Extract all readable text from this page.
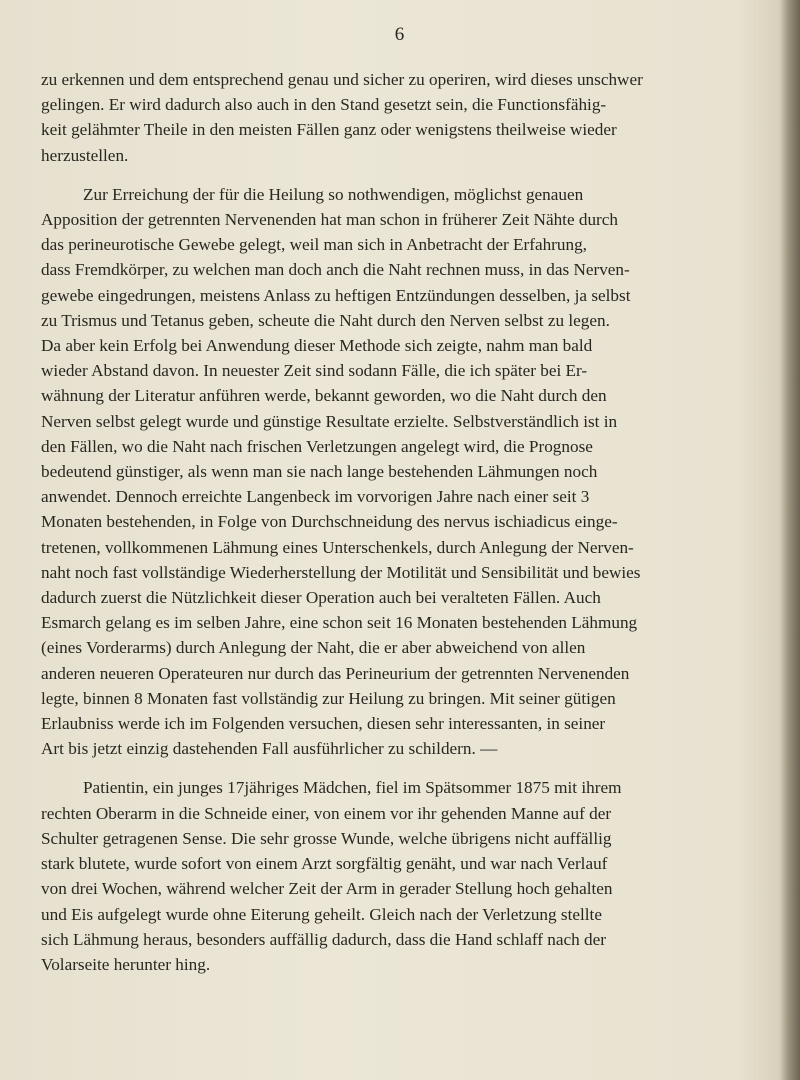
6

zu erkennen und dem entsprechend genau und sicher zu operiren, wird dieses unschwer
gelingen. Er wird dadurch also auch in den Stand gesetzt sein, die Functionsfähig-
keit gelähmter Theile in den meisten Fällen ganz oder wenigstens theilweise wieder
herzustellen.

Zur Erreichung der für die Heilung so nothwendigen, möglichst genauen
Apposition der getrennten Nervenenden hat man schon in früherer Zeit Nähte durch
das perineurotische Gewebe gelegt, weil man sich in Anbetracht der Erfahrung,
dass Fremdkörper, zu welchen man doch anch die Naht rechnen muss, in das Nerven-
gewebe eingedrungen, meistens Anlass zu heftigen Entzündungen desselben, ja selbst
zu Trismus und Tetanus geben, scheute die Naht durch den Nerven selbst zu legen.
Da aber kein Erfolg bei Anwendung dieser Methode sich zeigte, nahm man bald
wieder Abstand davon. In neuester Zeit sind sodann Fälle, die ich später bei Er-
wähnung der Literatur anführen werde, bekannt geworden, wo die Naht durch den
Nerven selbst gelegt wurde und günstige Resultate erzielte. Selbstverständlich ist in
den Fällen, wo die Naht nach frischen Verletzungen angelegt wird, die Prognose
bedeutend günstiger, als wenn man sie nach lange bestehenden Lähmungen noch
anwendet. Dennoch erreichte Langenbeck im vorvorigen Jahre nach einer seit 3
Monaten bestehenden, in Folge von Durchschneidung des nervus ischiadicus einge-
tretenen, vollkommenen Lähmung eines Unterschenkels, durch Anlegung der Nerven-
naht noch fast vollständige Wiederherstellung der Motilität und Sensibilität und bewies
dadurch zuerst die Nützlichkeit dieser Operation auch bei veralteten Fällen. Auch
Esmarch gelang es im selben Jahre, eine schon seit 16 Monaten bestehenden Lähmung
(eines Vorderarms) durch Anlegung der Naht, die er aber abweichend von allen
anderen neueren Operateuren nur durch das Perineurium der getrennten Nervenenden
legte, binnen 8 Monaten fast vollständig zur Heilung zu bringen. Mit seiner gütigen
Erlaubniss werde ich im Folgenden versuchen, diesen sehr interessanten, in seiner
Art bis jetzt einzig dastehenden Fall ausführlicher zu schildern. —

Patientin, ein junges 17jähriges Mädchen, fiel im Spätsommer 1875 mit ihrem
rechten Oberarm in die Schneide einer, von einem vor ihr gehenden Manne auf der
Schulter getragenen Sense. Die sehr grosse Wunde, welche übrigens nicht auffällig
stark blutete, wurde sofort von einem Arzt sorgfältig genäht, und war nach Verlauf
von drei Wochen, während welcher Zeit der Arm in gerader Stellung hoch gehalten
und Eis aufgelegt wurde ohne Eiterung geheilt. Gleich nach der Verletzung stellte
sich Lähmung heraus, besonders auffällig dadurch, dass die Hand schlaff nach der
Volarseite herunter hing.
